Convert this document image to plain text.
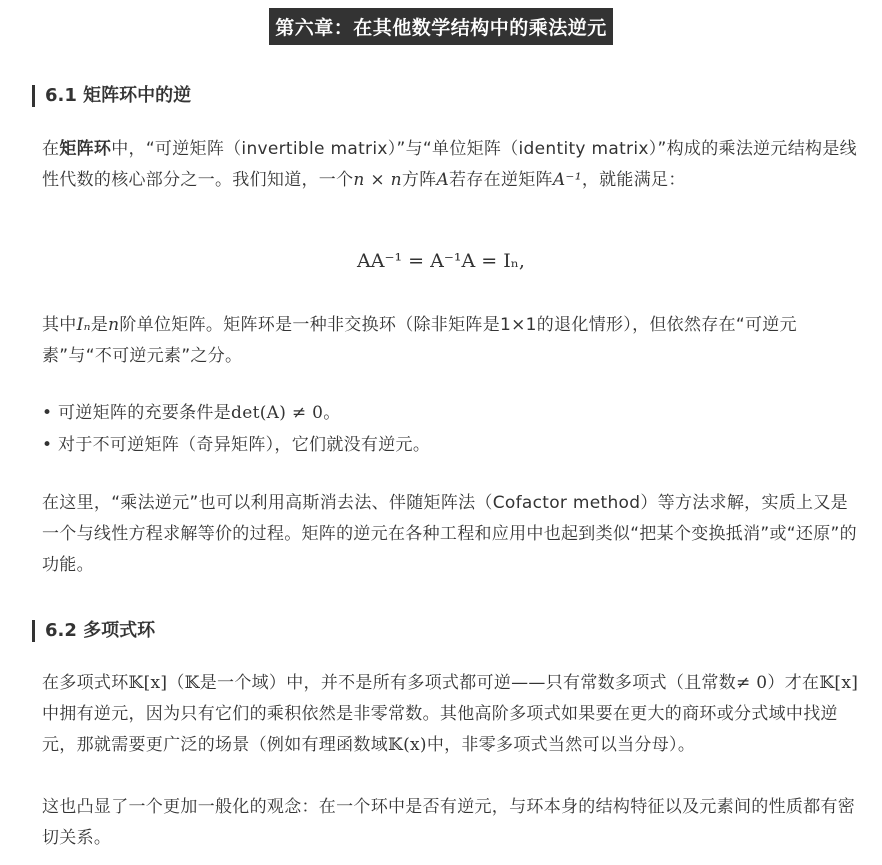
第六章：在其他数学结构中的乘法逆元
6.1 矩阵环中的逆
在矩阵环中，“可逆矩阵（invertible matrix）”与“单位矩阵（identity matrix）”构成的乘法逆元结构是线性代数的核心部分之一。我们知道，一个n × n方阵A若存在逆矩阵A⁻¹，就能满足：
AA⁻¹ = A⁻¹A = Iₙ,
其中Iₙ是n阶单位矩阵。矩阵环是一种非交换环（除非矩阵是1×1的退化情形），但依然存在“可逆元素”与“不可逆元素”之分。
• 可逆矩阵的充要条件是det(A) ≠ 0。
• 对于不可逆矩阵（奇异矩阵），它们就没有逆元。
在这里，“乘法逆元”也可以利用高斯消去法、伴随矩阵法（Cofactor method）等方法求解，实质上又是一个与线性方程求解等价的过程。矩阵的逆元在各种工程和应用中也起到类似“把某个变换抵消”或“还原”的功能。
6.2 多项式环
在多项式环𝕂[x]（𝕂是一个域）中，并不是所有多项式都可逆——只有常数多项式（且常数≠ 0）才在𝕂[x]中拥有逆元，因为只有它们的乘积依然是非零常数。其他高阶多项式如果要在更大的商环或分式域中找逆元，那就需要更广泛的场景（例如有理函数域𝕂(x)中，非零多项式当然可以当分母）。
这也凸显了一个更加一般化的观念：在一个环中是否有逆元，与环本身的结构特征以及元素间的性质都有密切关系。
